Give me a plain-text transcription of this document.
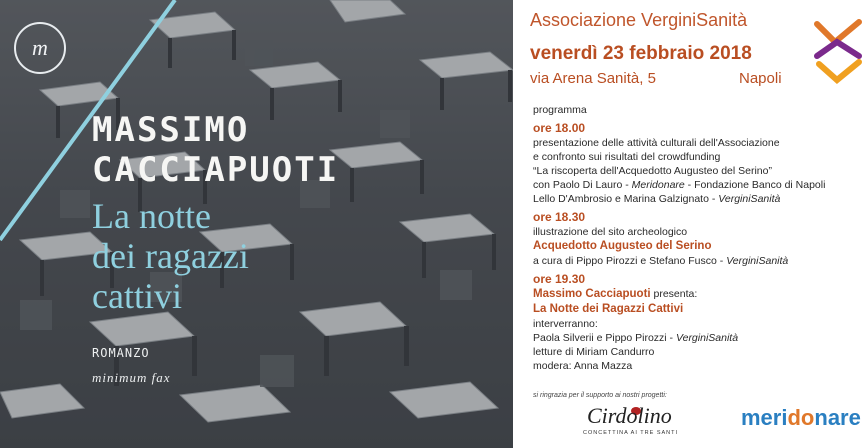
m
MASSIMO
CACCIAPUOTI
La notte
dei ragazzi
cattivi
ROMANZO
minimum fax
Associazione VerginiSanità
venerdì 23 febbraio 2018
via Arena Sanità, 5	Napoli
programma
ore 18.00
presentazione delle attività culturali dell'Associazione
e confronto sui risultati del crowdfunding
“La riscoperta dell'Acquedotto Augusteo del Serino”
con Paolo Di Lauro - Meridonare - Fondazione Banco di Napoli
Lello D'Ambrosio e Marina Galzignato - VerginiSanità
ore 18.30
illustrazione del sito archeologico
Acquedotto Augusteo del Serino
a cura di Pippo Pirozzi e Stefano Fusco - VerginiSanità
ore 19.30
Massimo Cacciapuoti presenta:
La Notte dei Ragazzi Cattivi
interverranno:
Paola Silverii e Pippo Pirozzi - VerginiSanità
letture di Miriam Candurro
modera: Anna Mazza
si ringrazia per il supporto ai nostri progetti:
Cirdolino
CONCETTINA AI TRE SANTI
meridonare
